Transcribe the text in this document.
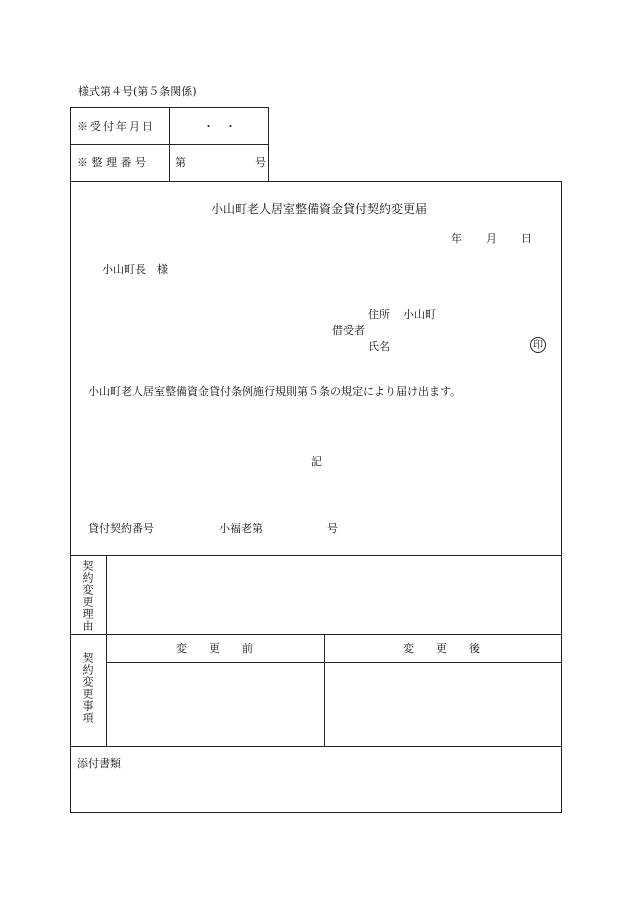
様式第４号(第５条関係)
※受付年月日	・　・
※ 整 理 番 号	第	号
小山町老人居室整備資金貸付契約変更届
年 月 日
小山町長　様
住所 小山町
借受者
氏名	印
小山町老人居室整備資金貸付条例施行規則第５条の規定により届け出ます。
記
貸付契約番号	小福老第	号
契約変更理由
契約変更事項
変　　更　　前	変　　更　　後
添付書類
